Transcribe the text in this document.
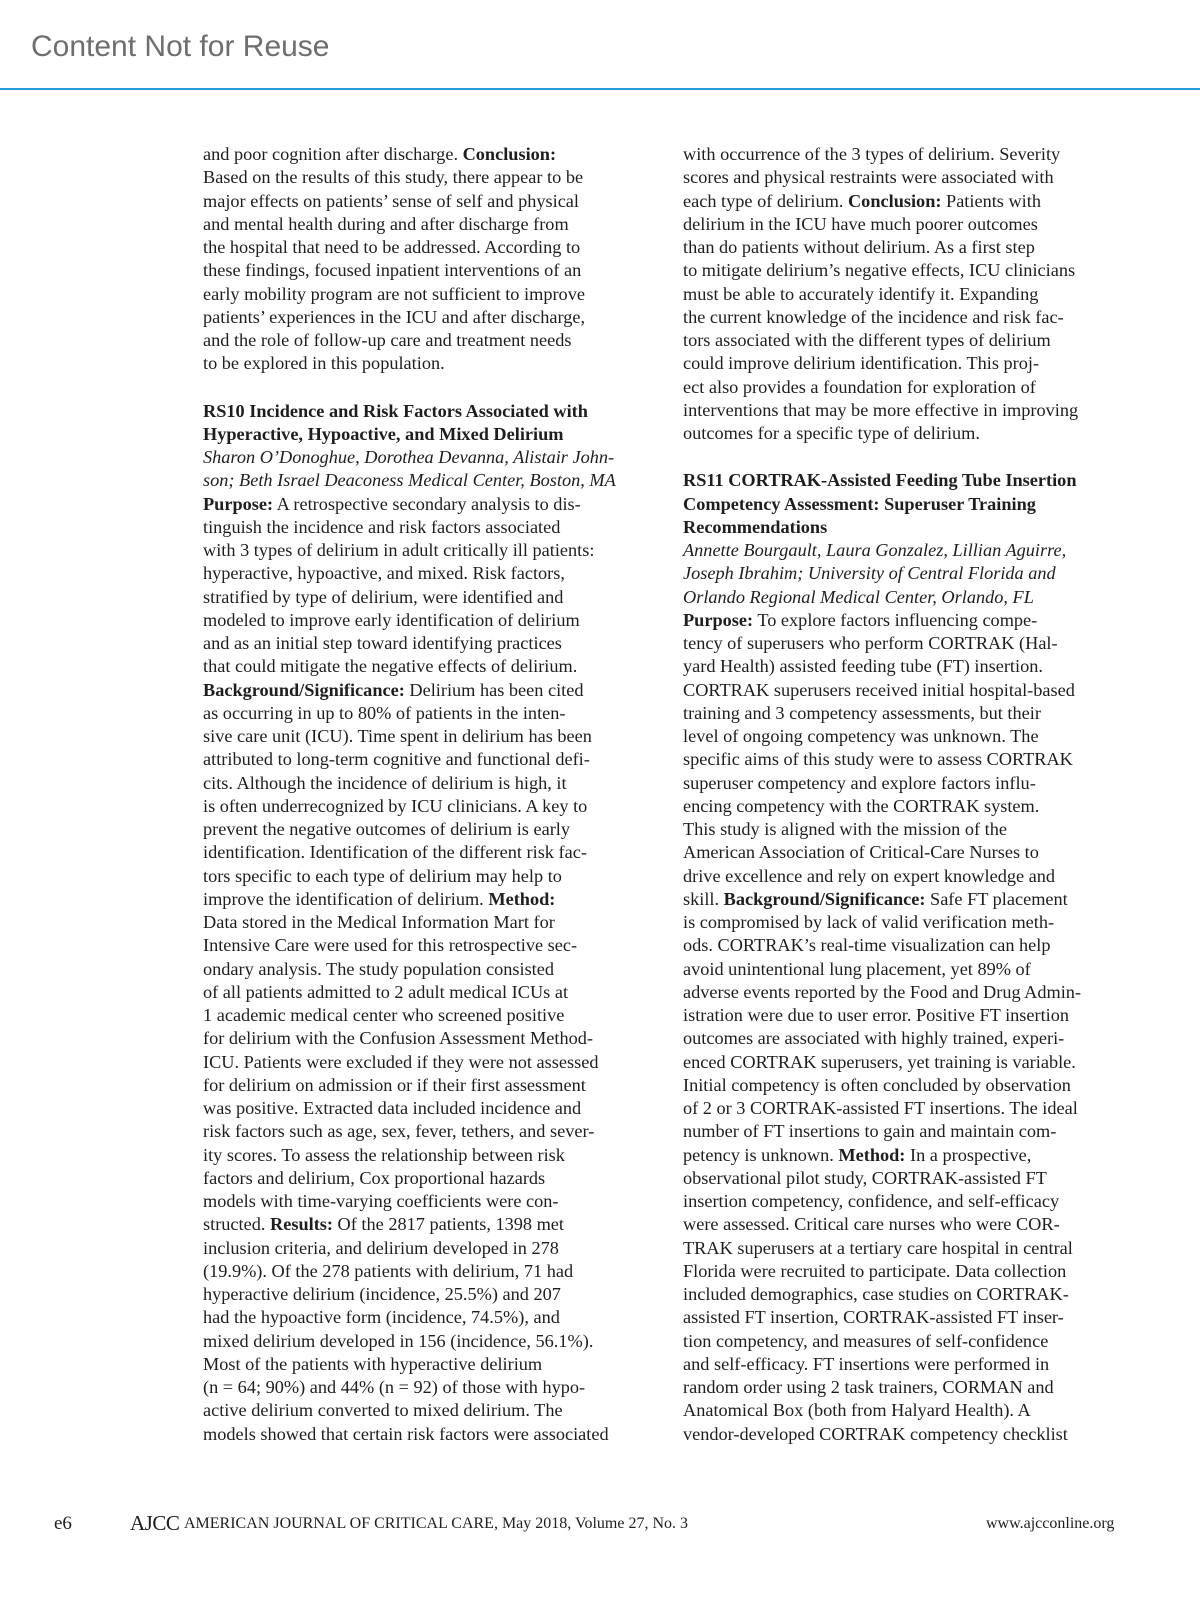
Content Not for Reuse
and poor cognition after discharge. Conclusion:
Based on the results of this study, there appear to be
major effects on patients’ sense of self and physical
and mental health during and after discharge from
the hospital that need to be addressed. According to
these findings, focused inpatient interventions of an
early mobility program are not sufficient to improve
patients’ experiences in the ICU and after discharge,
and the role of follow-up care and treatment needs
to be explored in this population.
RS10 Incidence and Risk Factors Associated with
Hyperactive, Hypoactive, and Mixed Delirium
Sharon O’Donoghue, Dorothea Devanna, Alistair John-
son; Beth Israel Deaconess Medical Center, Boston, MA
Purpose: A retrospective secondary analysis to dis-
tinguish the incidence and risk factors associated
with 3 types of delirium in adult critically ill patients:
hyperactive, hypoactive, and mixed. Risk factors,
stratified by type of delirium, were identified and
modeled to improve early identification of delirium
and as an initial step toward identifying practices
that could mitigate the negative effects of delirium.
Background/Significance: Delirium has been cited
as occurring in up to 80% of patients in the inten-
sive care unit (ICU). Time spent in delirium has been
attributed to long-term cognitive and functional defi-
cits. Although the incidence of delirium is high, it
is often underrecognized by ICU clinicians. A key to
prevent the negative outcomes of delirium is early
identification. Identification of the different risk fac-
tors specific to each type of delirium may help to
improve the identification of delirium. Method:
Data stored in the Medical Information Mart for
Intensive Care were used for this retrospective sec-
ondary analysis. The study population consisted
of all patients admitted to 2 adult medical ICUs at
1 academic medical center who screened positive
for delirium with the Confusion Assessment Method-
ICU. Patients were excluded if they were not assessed
for delirium on admission or if their first assessment
was positive. Extracted data included incidence and
risk factors such as age, sex, fever, tethers, and sever-
ity scores. To assess the relationship between risk
factors and delirium, Cox proportional hazards
models with time-varying coefficients were con-
structed. Results: Of the 2817 patients, 1398 met
inclusion criteria, and delirium developed in 278
(19.9%). Of the 278 patients with delirium, 71 had
hyperactive delirium (incidence, 25.5%) and 207
had the hypoactive form (incidence, 74.5%), and
mixed delirium developed in 156 (incidence, 56.1%).
Most of the patients with hyperactive delirium
(n = 64; 90%) and 44% (n = 92) of those with hypo-
active delirium converted to mixed delirium. The
models showed that certain risk factors were associated
with occurrence of the 3 types of delirium. Severity
scores and physical restraints were associated with
each type of delirium. Conclusion: Patients with
delirium in the ICU have much poorer outcomes
than do patients without delirium. As a first step
to mitigate delirium’s negative effects, ICU clinicians
must be able to accurately identify it. Expanding
the current knowledge of the incidence and risk fac-
tors associated with the different types of delirium
could improve delirium identification. This proj-
ect also provides a foundation for exploration of
interventions that may be more effective in improving
outcomes for a specific type of delirium.
RS11 CORTRAK-Assisted Feeding Tube Insertion
Competency Assessment: Superuser Training
Recommendations
Annette Bourgault, Laura Gonzalez, Lillian Aguirre,
Joseph Ibrahim; University of Central Florida and
Orlando Regional Medical Center, Orlando, FL
Purpose: To explore factors influencing compe-
tency of superusers who perform CORTRAK (Hal-
yard Health) assisted feeding tube (FT) insertion.
CORTRAK superusers received initial hospital-based
training and 3 competency assessments, but their
level of ongoing competency was unknown. The
specific aims of this study were to assess CORTRAK
superuser competency and explore factors influ-
encing competency with the CORTRAK system.
This study is aligned with the mission of the
American Association of Critical-Care Nurses to
drive excellence and rely on expert knowledge and
skill. Background/Significance: Safe FT placement
is compromised by lack of valid verification meth-
ods. CORTRAK’s real-time visualization can help
avoid unintentional lung placement, yet 89% of
adverse events reported by the Food and Drug Admin-
istration were due to user error. Positive FT insertion
outcomes are associated with highly trained, experi-
enced CORTRAK superusers, yet training is variable.
Initial competency is often concluded by observation
of 2 or 3 CORTRAK-assisted FT insertions. The ideal
number of FT insertions to gain and maintain com-
petency is unknown. Method: In a prospective,
observational pilot study, CORTRAK-assisted FT
insertion competency, confidence, and self-efficacy
were assessed. Critical care nurses who were COR-
TRAK superusers at a tertiary care hospital in central
Florida were recruited to participate. Data collection
included demographics, case studies on CORTRAK-
assisted FT insertion, CORTRAK-assisted FT inser-
tion competency, and measures of self-confidence
and self-efficacy. FT insertions were performed in
random order using 2 task trainers, CORMAN and
Anatomical Box (both from Halyard Health). A
vendor-developed CORTRAK competency checklist
e6	AJCC AMERICAN JOURNAL OF CRITICAL CARE, May 2018, Volume 27, No. 3	www.ajcconline.org
